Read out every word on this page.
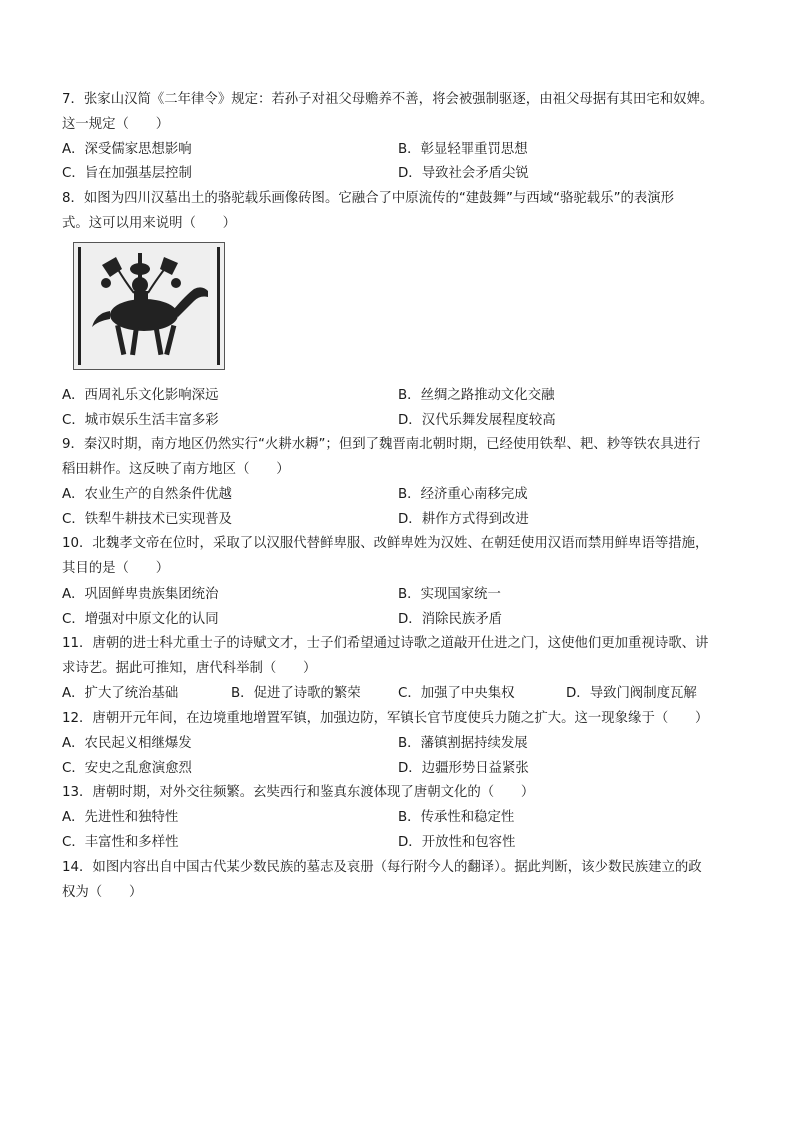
7．张家山汉简《二年律令》规定：若孙子对祖父母赡养不善，将会被强制驱逐，由祖父母据有其田宅和奴婢。
这一规定（　　）
A．深受儒家思想影响	B．彰显轻罪重罚思想
C．旨在加强基层控制	D．导致社会矛盾尖锐
8．如图为四川汉墓出土的骆驼载乐画像砖图。它融合了中原流传的“建鼓舞”与西域“骆驼载乐”的表演形
式。这可以用来说明（　　）
A．西周礼乐文化影响深远	B．丝绸之路推动文化交融
C．城市娱乐生活丰富多彩	D．汉代乐舞发展程度较高
9．秦汉时期，南方地区仍然实行“火耕水耨”；但到了魏晋南北朝时期，已经使用铁犁、耙、耖等铁农具进行
稻田耕作。这反映了南方地区（　　）
A．农业生产的自然条件优越	B．经济重心南移完成
C．铁犁牛耕技术已实现普及	D．耕作方式得到改进
10．北魏孝文帝在位时，采取了以汉服代替鲜卑服、改鲜卑姓为汉姓、在朝廷使用汉语而禁用鲜卑语等措施，
其目的是（　　）
A．巩固鲜卑贵族集团统治	B．实现国家统一
C．增强对中原文化的认同	D．消除民族矛盾
11．唐朝的进士科尤重士子的诗赋文才，士子们希望通过诗歌之道敲开仕进之门，这使他们更加重视诗歌、讲
求诗艺。据此可推知，唐代科举制（　　）
A．扩大了统治基础	B．促进了诗歌的繁荣	C．加强了中央集权	D．导致门阀制度瓦解
12．唐朝开元年间，在边境重地增置军镇，加强边防，军镇长官节度使兵力随之扩大。这一现象缘于（　　）
A．农民起义相继爆发	B．藩镇割据持续发展
C．安史之乱愈演愈烈	D．边疆形势日益紧张
13．唐朝时期，对外交往频繁。玄奘西行和鉴真东渡体现了唐朝文化的（　　）
A．先进性和独特性	B．传承性和稳定性
C．丰富性和多样性	D．开放性和包容性
14．如图内容出自中国古代某少数民族的墓志及哀册（每行附今人的翻译）。据此判断，该少数民族建立的政
权为（　　）
